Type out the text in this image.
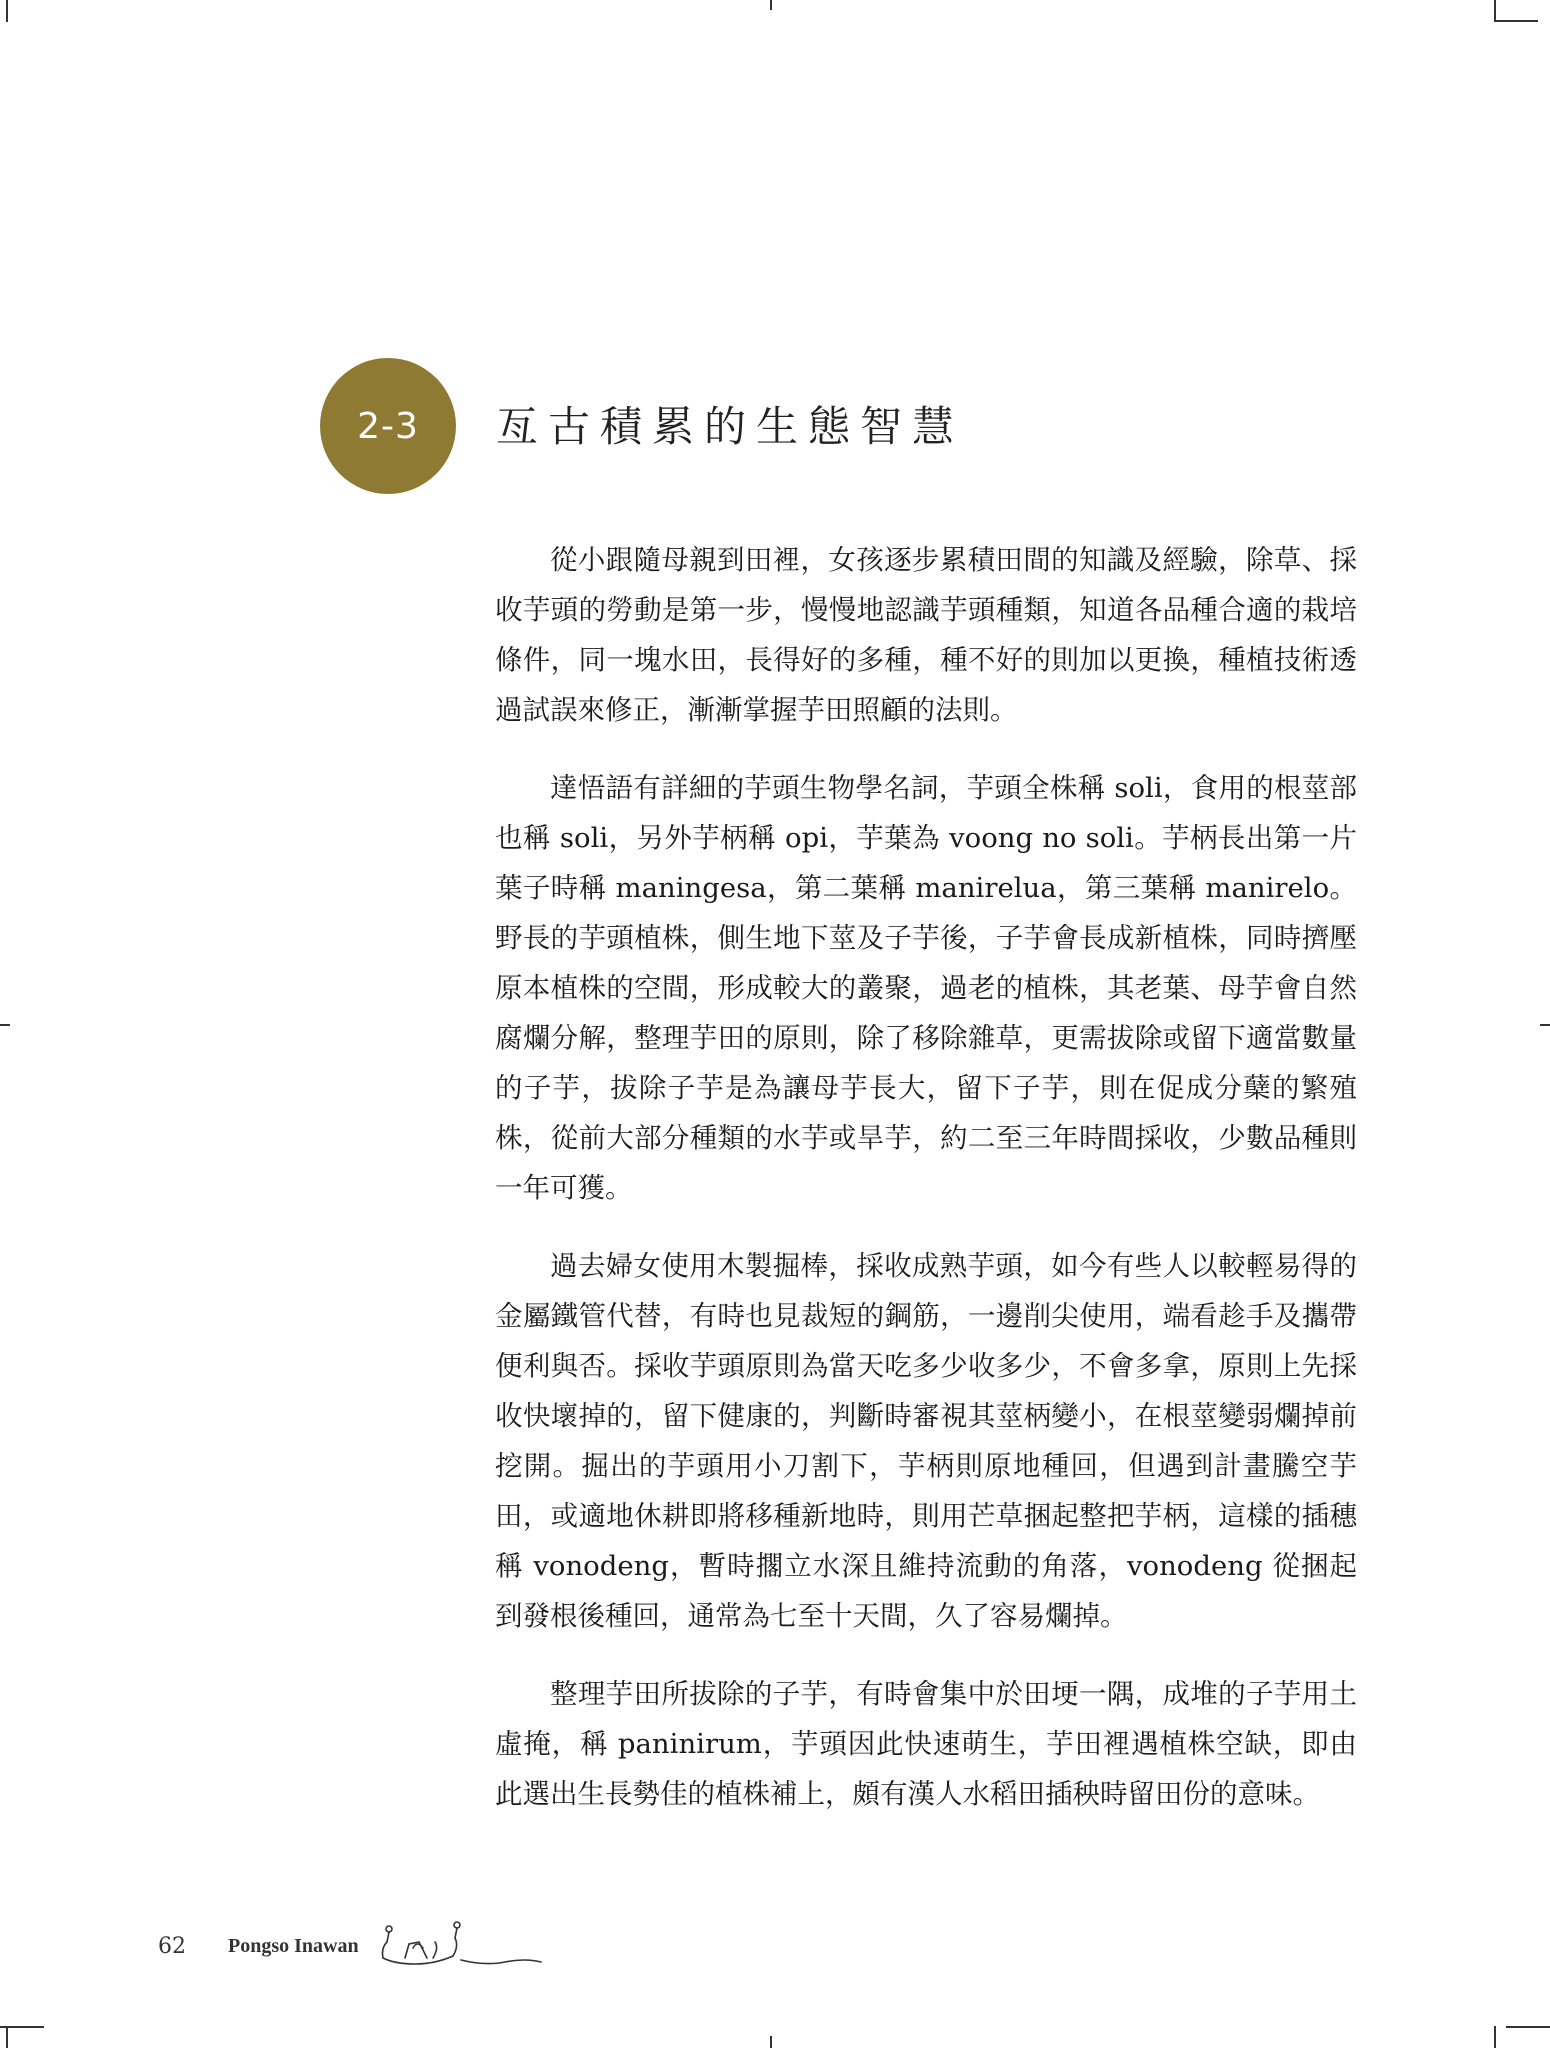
2-3 亙古積累的生態智慧

從小跟隨母親到田裡，女孩逐步累積田間的知識及經驗，除草、採收芋頭的勞動是第一步，慢慢地認識芋頭種類，知道各品種合適的栽培條件，同一塊水田，長得好的多種，種不好的則加以更換，種植技術透過試誤來修正，漸漸掌握芋田照顧的法則。

達悟語有詳細的芋頭生物學名詞，芋頭全株稱 soli，食用的根莖部也稱 soli，另外芋柄稱 opi，芋葉為 voong no soli。芋柄長出第一片葉子時稱 maningesa，第二葉稱 manirelua，第三葉稱 manirelo。野長的芋頭植株，側生地下莖及子芋後，子芋會長成新植株，同時擠壓原本植株的空間，形成較大的叢聚，過老的植株，其老葉、母芋會自然腐爛分解，整理芋田的原則，除了移除雜草，更需拔除或留下適當數量的子芋，拔除子芋是為讓母芋長大，留下子芋，則在促成分蘖的繁殖株，從前大部分種類的水芋或旱芋，約二至三年時間採收，少數品種則一年可獲。

過去婦女使用木製掘棒，採收成熟芋頭，如今有些人以較輕易得的金屬鐵管代替，有時也見裁短的鋼筋，一邊削尖使用，端看趁手及攜帶便利與否。採收芋頭原則為當天吃多少收多少，不會多拿，原則上先採收快壞掉的，留下健康的，判斷時審視其莖柄變小，在根莖變弱爛掉前挖開。掘出的芋頭用小刀割下，芋柄則原地種回，但遇到計畫騰空芋田，或適地休耕即將移種新地時，則用芒草捆起整把芋柄，這樣的插穗稱 vonodeng，暫時擱立水深且維持流動的角落，vonodeng 從捆起到發根後種回，通常為七至十天間，久了容易爛掉。

整理芋田所拔除的子芋，有時會集中於田埂一隅，成堆的子芋用土虛掩，稱 paninirum，芋頭因此快速萌生，芋田裡遇植株空缺，即由此選出生長勢佳的植株補上，頗有漢人水稻田插秧時留田份的意味。

62	Pongso Inawan
